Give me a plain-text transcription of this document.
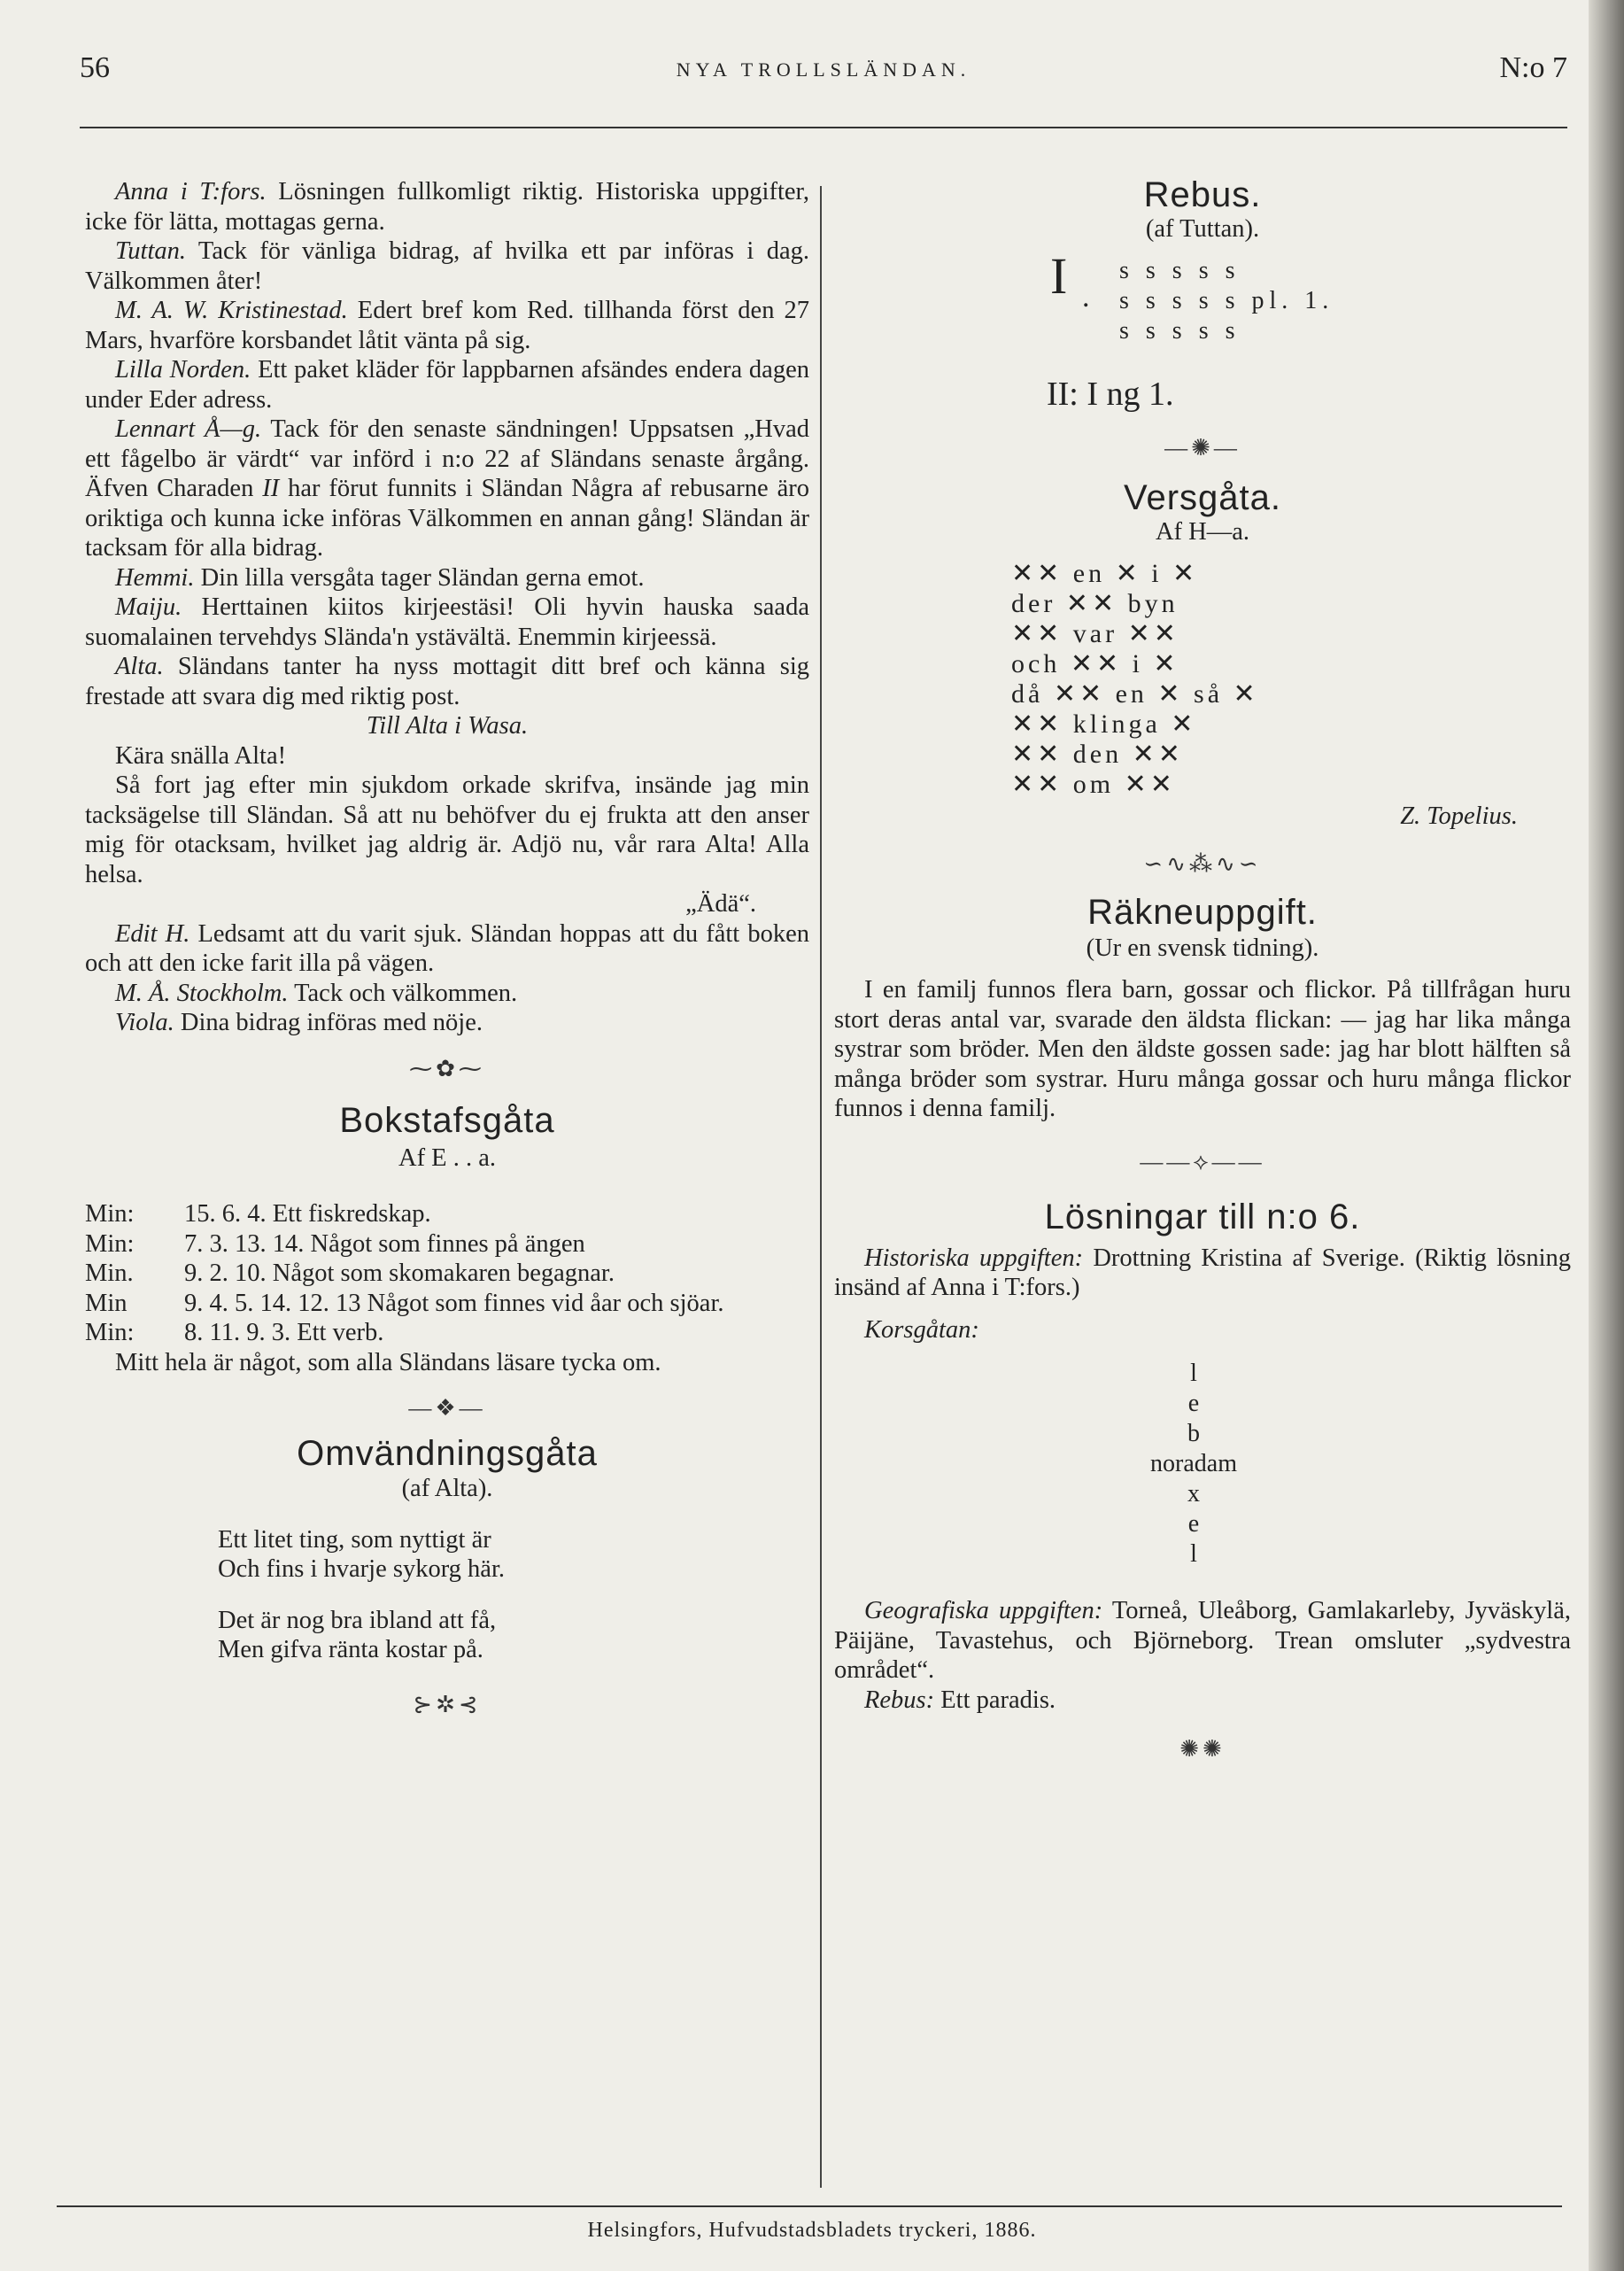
56	NYA TROLLSLÄNDAN.	N:o 7

Anna i T:fors. Lösningen fullkomligt riktig. Historiska uppgifter, icke för lätta, mottagas gerna.

Tuttan. Tack för vänliga bidrag, af hvilka ett par införas i dag. Välkommen åter!

M. A. W. Kristinestad. Edert bref kom Red. tillhanda först den 27 Mars, hvarföre korsbandet låtit vänta på sig.

Lilla Norden. Ett paket kläder för lappbarnen afsändes endera dagen under Eder adress.

Lennart Å—g. Tack för den senaste sändningen! Uppsatsen „Hvad ett fågelbo är värdt“ var införd i n:o 22 af Sländans senaste årgång. Äfven Charaden II har förut funnits i Sländan Några af rebusarne äro oriktiga och kunna icke införas Välkommen en annan gång! Sländan är tacksam för alla bidrag.

Hemmi. Din lilla versgåta tager Sländan gerna emot.

Maiju. Herttainen kiitos kirjeestäsi! Oli hyvin hauska saada suomalainen tervehdys Slända'n ystävältä. Enemmin kirjeessä.

Alta. Sländans tanter ha nyss mottagit ditt bref och känna sig frestade att svara dig med riktig post.

Till Alta i Wasa.

Kära snälla Alta!

Så fort jag efter min sjukdom orkade skrifva, insände jag min tacksägelse till Sländan. Så att nu behöfver du ej frukta att den anser mig för otacksam, hvilket jag aldrig är. Adjö nu, vår rara Alta! Alla helsa.

„Ädä“.

Edit H. Ledsamt att du varit sjuk. Sländan hoppas att du fått boken och att den icke farit illa på vägen.

M. Å. Stockholm. Tack och välkommen.

Viola. Dina bidrag införas med nöje.

⁓✿⁓
Bokstafsgåta

Af E . . a.

Min:	15. 6. 4. Ett fiskredskap.

Min:	7. 3. 13. 14. Något som finnes på ängen

Min.	9. 2. 10. Något som skomakaren begagnar.

Min	9. 4. 5. 14. 12. 13 Något som finnes vid åar och sjöar.

Min:	8. 11. 9. 3. Ett verb.

Mitt hela är något, som alla Sländans läsare tycka om.

—❖—
Omvändningsgåta

(af Alta).

Ett litet ting, som nyttigt är
Och fins i hvarje sykorg här.
Det är nog bra ibland att få,
Men gifva ränta kostar på.
⊱✲⊰
Rebus.

(af Tuttan).

I .
s s s s s
s s s s s pl. 1.
s s s s s
II: I ng 1.
—✺—
Versgåta.

Af H—a.

✕✕ en ✕ i ✕
der ✕✕ byn
✕✕ var ✕✕
och ✕✕ i ✕
då ✕✕ en ✕ så ✕
✕✕ klinga ✕
✕✕ den ✕✕
✕✕ om ✕✕

Z. Topelius.

∽∿⁂∿∽
Räkneuppgift.

(Ur en svensk tidning).

I en familj funnos flera barn, gossar och flickor. På tillfrågan huru stort deras antal var, svarade den äldsta flickan: — jag har lika många systrar som bröder. Men den äldste gossen sade: jag har blott hälften så många bröder som systrar. Huru många gossar och huru många flickor funnos i denna familj.

——⟡——
Lösningar till n:o 6.

Historiska uppgiften: Drottning Kristina af Sverige. (Riktig lösning insänd af Anna i T:fors.)

Korsgåtan:

l
e
b
noradam
x
e
l

Geografiska uppgiften: Torneå, Uleåborg, Gamlakarleby, Jyväskylä, Päijäne, Tavastehus, och Björneborg. Trean omsluter „sydvestra området“.

Rebus: Ett paradis.

✺✺
Helsingfors, Hufvudstadsbladets tryckeri, 1886.
